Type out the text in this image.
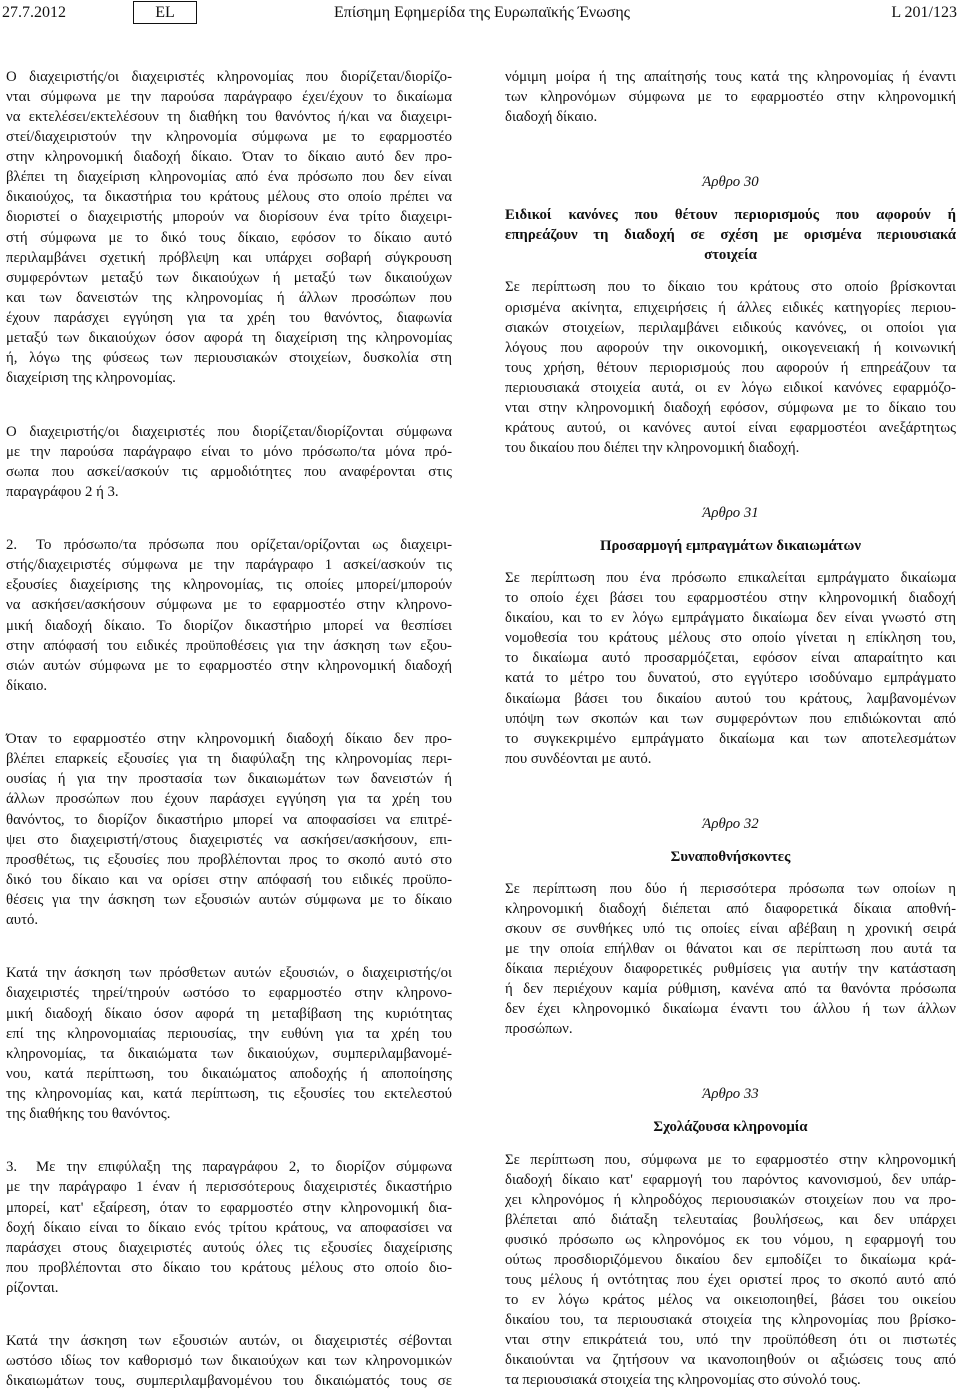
27.7.2012	EL	Επίσημη Εφημερίδα της Ευρωπαϊκής Ένωσης	L 201/123
Ο διαχειριστής/οι διαχειριστές κληρονομίας που διορίζεται/διορίζο-
νται σύμφωνα με την παρούσα παράγραφο έχει/έχουν το δικαίωμα
να εκτελέσει/εκτελέσουν τη διαθήκη του θανόντος ή/και να διαχειρι-
στεί/διαχειριστούν την κληρονομία σύμφωνα με το εφαρμοστέο
στην κληρονομική διαδοχή δίκαιο. Όταν το δίκαιο αυτό δεν προ-
βλέπει τη διαχείριση κληρονομίας από ένα πρόσωπο που δεν είναι
δικαιούχος, τα δικαστήρια του κράτους μέλους στο οποίο πρέπει να
διοριστεί ο διαχειριστής μπορούν να διορίσουν ένα τρίτο διαχειρι-
στή σύμφωνα με το δικό τους δίκαιο, εφόσον το δίκαιο αυτό
περιλαμβάνει σχετική πρόβλεψη και υπάρχει σοβαρή σύγκρουση
συμφερόντων μεταξύ των δικαιούχων ή μεταξύ των δικαιούχων
και των δανειστών της κληρονομίας ή άλλων προσώπων που
έχουν παράσχει εγγύηση για τα χρέη του θανόντος, διαφωνία
μεταξύ των δικαιούχων όσον αφορά τη διαχείριση της κληρονομίας
ή, λόγω της φύσεως των περιουσιακών στοιχείων, δυσκολία στη
διαχείριση της κληρονομίας.
Ο διαχειριστής/οι διαχειριστές που διορίζεται/διορίζονται σύμφωνα
με την παρούσα παράγραφο είναι το μόνο πρόσωπο/τα μόνα πρό-
σωπα που ασκεί/ασκούν τις αρμοδιότητες που αναφέρονται στις
παραγράφου 2 ή 3.
2. Το πρόσωπο/τα πρόσωπα που ορίζεται/ορίζονται ως διαχειρι-
στής/διαχειριστές σύμφωνα με την παράγραφο 1 ασκεί/ασκούν τις
εξουσίες διαχείρισης της κληρονομίας, τις οποίες μπορεί/μπορούν
να ασκήσει/ασκήσουν σύμφωνα με το εφαρμοστέο στην κληρονο-
μική διαδοχή δίκαιο. Το διορίζον δικαστήριο μπορεί να θεσπίσει
στην απόφασή του ειδικές προϋποθέσεις για την άσκηση των εξου-
σιών αυτών σύμφωνα με το εφαρμοστέο στην κληρονομική διαδοχή
δίκαιο.
Όταν το εφαρμοστέο στην κληρονομική διαδοχή δίκαιο δεν προ-
βλέπει επαρκείς εξουσίες για τη διαφύλαξη της κληρονομίας περι-
ουσίας ή για την προστασία των δικαιωμάτων των δανειστών ή
άλλων προσώπων που έχουν παράσχει εγγύηση για τα χρέη του
θανόντος, το διορίζον δικαστήριο μπορεί να αποφασίσει να επιτρέ-
ψει στο διαχειριστή/στους διαχειριστές να ασκήσει/ασκήσουν, επι-
προσθέτως, τις εξουσίες που προβλέπονται προς το σκοπό αυτό στο
δικό του δίκαιο και να ορίσει στην απόφασή του ειδικές προϋπο-
θέσεις για την άσκηση των εξουσιών αυτών σύμφωνα με το δίκαιο
αυτό.
Κατά την άσκηση των πρόσθετων αυτών εξουσιών, ο διαχειριστής/οι
διαχειριστές τηρεί/τηρούν ωστόσο το εφαρμοστέο στην κληρονο-
μική διαδοχή δίκαιο όσον αφορά τη μεταβίβαση της κυριότητας
επί της κληρονομιαίας περιουσίας, την ευθύνη για τα χρέη του
κληρονομίας, τα δικαιώματα των δικαιούχων, συμπεριλαμβανομέ-
νου, κατά περίπτωση, του δικαιώματος αποδοχής ή αποποίησης
της κληρονομίας και, κατά περίπτωση, τις εξουσίες του εκτελεστού
της διαθήκης του θανόντος.
3. Με την επιφύλαξη της παραγράφου 2, το διορίζον σύμφωνα
με την παράγραφο 1 έναν ή περισσότερους διαχειριστές δικαστήριο
μπορεί, κατ' εξαίρεση, όταν το εφαρμοστέο στην κληρονομική δια-
δοχή δίκαιο είναι το δίκαιο ενός τρίτου κράτους, να αποφασίσει να
παράσχει στους διαχειριστές αυτούς όλες τις εξουσίες διαχείρισης
που προβλέπονται στο δίκαιο του κράτους μέλους στο οποίο διο-
ρίζονται.
Κατά την άσκηση των εξουσιών αυτών, οι διαχειριστές σέβονται
ωστόσο ιδίως τον καθορισμό των δικαιούχων και των κληρονομικών
δικαιωμάτων τους, συμπεριλαμβανομένου του δικαιώματός τους σε
νόμιμη μοίρα ή της απαίτησής τους κατά της κληρονομίας ή έναντι
των κληρονόμων σύμφωνα με το εφαρμοστέο στην κληρονομική
διαδοχή δίκαιο.
Άρθρο 30
Ειδικοί κανόνες που θέτουν περιορισμούς που αφορούν ή
επηρεάζουν τη διαδοχή σε σχέση με ορισμένα περιουσιακά
στοιχεία
Σε περίπτωση που το δίκαιο του κράτους στο οποίο βρίσκονται
ορισμένα ακίνητα, επιχειρήσεις ή άλλες ειδικές κατηγορίες περιου-
σιακών στοιχείων, περιλαμβάνει ειδικούς κανόνες, οι οποίοι για
λόγους που αφορούν την οικονομική, οικογενειακή ή κοινωνική
τους χρήση, θέτουν περιορισμούς που αφορούν ή επηρεάζουν τα
περιουσιακά στοιχεία αυτά, οι εν λόγω ειδικοί κανόνες εφαρμόζο-
νται στην κληρονομική διαδοχή εφόσον, σύμφωνα με το δίκαιο του
κράτους αυτού, οι κανόνες αυτοί είναι εφαρμοστέοι ανεξάρτητως
του δικαίου που διέπει την κληρονομική διαδοχή.
Άρθρο 31
Προσαρμογή εμπραγμάτων δικαιωμάτων
Σε περίπτωση που ένα πρόσωπο επικαλείται εμπράγματο δικαίωμα
το οποίο έχει βάσει του εφαρμοστέου στην κληρονομική διαδοχή
δικαίου, και το εν λόγω εμπράγματο δικαίωμα δεν είναι γνωστό στη
νομοθεσία του κράτους μέλους στο οποίο γίνεται η επίκληση του,
το δικαίωμα αυτό προσαρμόζεται, εφόσον είναι απαραίτητο και
κατά το μέτρο του δυνατού, στο εγγύτερο ισοδύναμο εμπράγματο
δικαίωμα βάσει του δικαίου αυτού του κράτους, λαμβανομένων
υπόψη των σκοπών και των συμφερόντων που επιδιώκονται από
το συγκεκριμένο εμπράγματο δικαίωμα και των αποτελεσμάτων
που συνδέονται με αυτό.
Άρθρο 32
Συναποθνήσκοντες
Σε περίπτωση που δύο ή περισσότερα πρόσωπα των οποίων η
κληρονομική διαδοχή διέπεται από διαφορετικά δίκαια αποθνή-
σκουν σε συνθήκες υπό τις οποίες είναι αβέβαιη η χρονική σειρά
με την οποία επήλθαν οι θάνατοι και σε περίπτωση που αυτά τα
δίκαια περιέχουν διαφορετικές ρυθμίσεις για αυτήν την κατάσταση
ή δεν περιέχουν καμία ρύθμιση, κανένα από τα θανόντα πρόσωπα
δεν έχει κληρονομικό δικαίωμα έναντι του άλλου ή των άλλων
προσώπων.
Άρθρο 33
Σχολάζουσα κληρονομία
Σε περίπτωση που, σύμφωνα με το εφαρμοστέο στην κληρονομική
διαδοχή δίκαιο κατ' εφαρμογή του παρόντος κανονισμού, δεν υπάρ-
χει κληρονόμος ή κληροδόχος περιουσιακών στοιχείων που να προ-
βλέπεται από διάταξη τελευταίας βουλήσεως, και δεν υπάρχει
φυσικό πρόσωπο ως κληρονόμος εκ του νόμου, η εφαρμογή του
ούτως προσδιοριζόμενου δικαίου δεν εμποδίζει το δικαίωμα κρά-
τους μέλους ή οντότητας που έχει οριστεί προς το σκοπό αυτό από
το εν λόγω κράτος μέλος να οικειοποιηθεί, βάσει του οικείου
δικαίου του, τα περιουσιακά στοιχεία της κληρονομίας που βρίσκο-
νται στην επικράτειά του, υπό την προϋπόθεση ότι οι πιστωτές
δικαιούνται να ζητήσουν να ικανοποιηθούν οι αξιώσεις τους από
τα περιουσιακά στοιχεία της κληρονομίας στο σύνολό τους.
